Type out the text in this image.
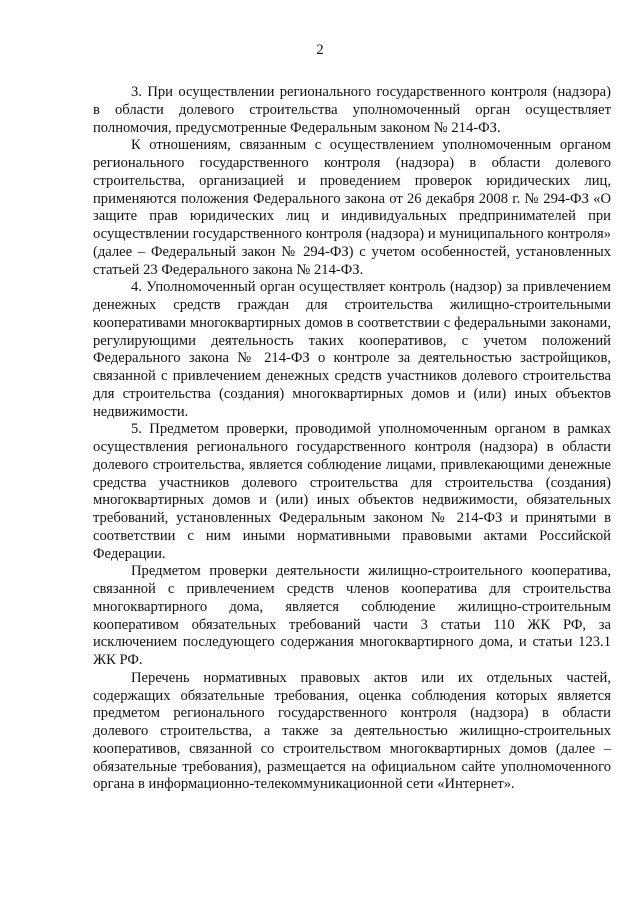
2

3. При осуществлении регионального государственного контроля (надзора) в области долевого строительства уполномоченный орган осуществляет полномочия, предусмотренные Федеральным законом № 214-ФЗ.

К отношениям, связанным с осуществлением уполномоченным органом регионального государственного контроля (надзора) в области долевого строительства, организацией и проведением проверок юридических лиц, применяются положения Федерального закона от 26 декабря 2008 г. № 294-ФЗ «О защите прав юридических лиц и индивидуальных предпринимателей при осуществлении государственного контроля (надзора) и муниципального контроля» (далее – Федеральный закон № 294-ФЗ) с учетом особенностей, установленных статьей 23 Федерального закона № 214-ФЗ.

4. Уполномоченный орган осуществляет контроль (надзор) за привлечением денежных средств граждан для строительства жилищно-строительными кооперативами многоквартирных домов в соответствии с федеральными законами, регулирующими деятельность таких кооперативов, с учетом положений Федерального закона № 214-ФЗ о контроле за деятельностью застройщиков, связанной с привлечением денежных средств участников долевого строительства для строительства (создания) многоквартирных домов и (или) иных объектов недвижимости.

5. Предметом проверки, проводимой уполномоченным органом в рамках осуществления регионального государственного контроля (надзора) в области долевого строительства, является соблюдение лицами, привлекающими денежные средства участников долевого строительства для строительства (создания) многоквартирных домов и (или) иных объектов недвижимости, обязательных требований, установленных Федеральным законом № 214-ФЗ и принятыми в соответствии с ним иными нормативными правовыми актами Российской Федерации.

Предметом проверки деятельности жилищно-строительного кооператива, связанной с привлечением средств членов кооператива для строительства многоквартирного дома, является соблюдение жилищно-строительным кооперативом обязательных требований части 3 статьи 110 ЖК РФ, за исключением последующего содержания многоквартирного дома, и статьи 123.1 ЖК РФ.

Перечень нормативных правовых актов или их отдельных частей, содержащих обязательные требования, оценка соблюдения которых является предметом регионального государственного контроля (надзора) в области долевого строительства, а также за деятельностью жилищно-строительных кооперативов, связанной со строительством многоквартирных домов (далее – обязательные требования), размещается на официальном сайте уполномоченного органа в информационно-телекоммуникационной сети «Интернет».
